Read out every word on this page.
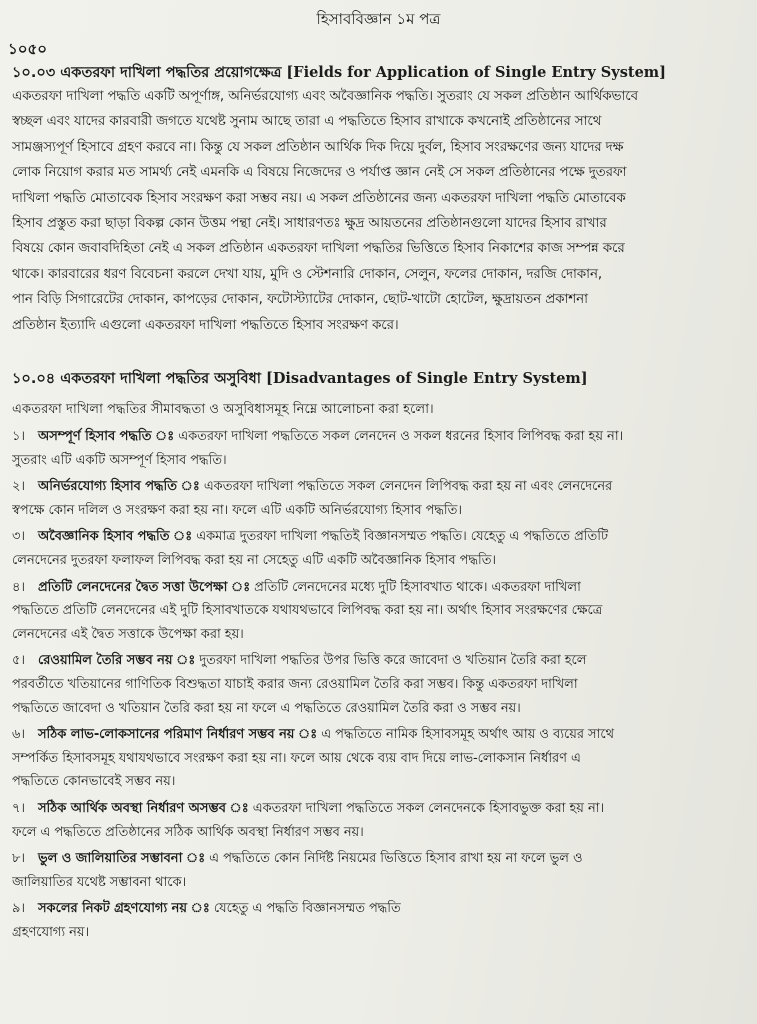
হিসাববিজ্ঞান ১ম পত্র
১০৫০
১০.০৩ একতরফা দাখিলা পদ্ধতির প্রয়োগক্ষেত্র [Fields for Application of Single Entry System]

একতরফা দাখিলা পদ্ধতি একটি অপূর্ণাঙ্গ, অনির্ভরযোগ্য এবং অবৈজ্ঞানিক পদ্ধতি। সুতরাং যে সকল প্রতিষ্ঠান আর্থিকভাবে

স্বচ্ছল এবং যাদের কারবারী জগতে যথেষ্ট সুনাম আছে তারা এ পদ্ধতিতে হিসাব রাখাকে কখনোই প্রতিষ্ঠানের সাথে

সামঞ্জস্যপূর্ণ হিসাবে গ্রহণ করবে না। কিন্তু যে সকল প্রতিষ্ঠান আর্থিক দিক দিয়ে দুর্বল, হিসাব সংরক্ষণের জন্য যাদের দক্ষ

লোক নিয়োগ করার মত সামর্থ্য নেই এমনকি এ বিষয়ে নিজেদের ও পর্যাপ্ত জ্ঞান নেই সে সকল প্রতিষ্ঠানের পক্ষে দুতরফা

দাখিলা পদ্ধতি মোতাবেক হিসাব সংরক্ষণ করা সম্ভব নয়। এ সকল প্রতিষ্ঠানের জন্য একতরফা দাখিলা পদ্ধতি মোতাবেক

হিসাব প্রস্তুত করা ছাড়া বিকল্প কোন উত্তম পন্থা নেই। সাধারণতঃ ক্ষুদ্র আয়তনের প্রতিষ্ঠানগুলো যাদের হিসাব রাখার

বিষয়ে কোন জবাবদিহিতা নেই এ সকল প্রতিষ্ঠান একতরফা দাখিলা পদ্ধতির ভিত্তিতে হিসাব নিকাশের কাজ সম্পন্ন করে

থাকে। কারবারের ধরণ বিবেচনা করলে দেখা যায়, মুদি ও স্টেশনারি দোকান, সেলুন, ফলের দোকান, দরজি দোকান,

পান বিড়ি সিগারেটের দোকান, কাপড়ের দোকান, ফটোস্ট্যাটের দোকান, ছোট-খাটো হোটেল, ক্ষুদ্রায়তন প্রকাশনা

প্রতিষ্ঠান ইত্যাদি এগুলো একতরফা দাখিলা পদ্ধতিতে হিসাব সংরক্ষণ করে।

১০.০৪ একতরফা দাখিলা পদ্ধতির অসুবিধা [Disadvantages of Single Entry System]
একতরফা দাখিলা পদ্ধতির সীমাবদ্ধতা ও অসুবিধাসমূহ নিম্নে আলোচনা করা হলো।

১। অসম্পূর্ণ হিসাব পদ্ধতি ঃ একতরফা দাখিলা পদ্ধতিতে সকল লেনদেন ও সকল ধরনের হিসাব লিপিবদ্ধ করা হয় না।

সুতরাং এটি একটি অসম্পূর্ণ হিসাব পদ্ধতি।

২। অনির্ভরযোগ্য হিসাব পদ্ধতি ঃ একতরফা দাখিলা পদ্ধতিতে সকল লেনদেন লিপিবদ্ধ করা হয় না এবং লেনদেনের

স্বপক্ষে কোন দলিল ও সংরক্ষণ করা হয় না। ফলে এটি একটি অনির্ভরযোগ্য হিসাব পদ্ধতি।

৩। অবৈজ্ঞানিক হিসাব পদ্ধতি ঃ একমাত্র দুতরফা দাখিলা পদ্ধতিই বিজ্ঞানসম্মত পদ্ধতি। যেহেতু এ পদ্ধতিতে প্রতিটি

লেনদেনের দুতরফা ফলাফল লিপিবদ্ধ করা হয় না সেহেতু এটি একটি অবৈজ্ঞানিক হিসাব পদ্ধতি।

৪। প্রতিটি লেনদেনের দ্বৈত সত্তা উপেক্ষা ঃ প্রতিটি লেনদেনের মধ্যে দুটি হিসাবখাত থাকে। একতরফা দাখিলা

পদ্ধতিতে প্রতিটি লেনদেনের এই দুটি হিসাবখাতকে যথাযথভাবে লিপিবদ্ধ করা হয় না। অর্থাৎ হিসাব সংরক্ষণের ক্ষেত্রে

লেনদেনের এই দ্বৈত সত্তাকে উপেক্ষা করা হয়।

৫। রেওয়ামিল তৈরি সম্ভব নয় ঃ দুতরফা দাখিলা পদ্ধতির উপর ভিত্তি করে জাবেদা ও খতিয়ান তৈরি করা হলে

পরবর্তীতে খতিয়ানের গাণিতিক বিশুদ্ধতা যাচাই করার জন্য রেওয়ামিল তৈরি করা সম্ভব। কিন্তু একতরফা দাখিলা

পদ্ধতিতে জাবেদা ও খতিয়ান তৈরি করা হয় না ফলে এ পদ্ধতিতে রেওয়ামিল তৈরি করা ও সম্ভব নয়।

৬। সঠিক লাভ-লোকসানের পরিমাণ নির্ধারণ সম্ভব নয় ঃ এ পদ্ধতিতে নামিক হিসাবসমূহ অর্থাৎ আয় ও ব্যয়ের সাথে

সম্পর্কিত হিসাবসমূহ যথাযথভাবে সংরক্ষণ করা হয় না। ফলে আয় থেকে ব্যয় বাদ দিয়ে লাভ-লোকসান নির্ধারণ এ

পদ্ধতিতে কোনভাবেই সম্ভব নয়।

৭। সঠিক আর্থিক অবস্থা নির্ধারণ অসম্ভব ঃ একতরফা দাখিলা পদ্ধতিতে সকল লেনদেনকে হিসাবভুক্ত করা হয় না।

ফলে এ পদ্ধতিতে প্রতিষ্ঠানের সঠিক আর্থিক অবস্থা নির্ধারণ সম্ভব নয়।

৮। ভুল ও জালিয়াতির সম্ভাবনা ঃ এ পদ্ধতিতে কোন নির্দিষ্ট নিয়মের ভিত্তিতে হিসাব রাখা হয় না ফলে ভুল ও

জালিয়াতির যথেষ্ট সম্ভাবনা থাকে।

৯। সকলের নিকট গ্রহণযোগ্য নয় ঃ যেহেতু এ পদ্ধতি বিজ্ঞানসম্মত পদ্ধতি

গ্রহণযোগ্য নয়।
